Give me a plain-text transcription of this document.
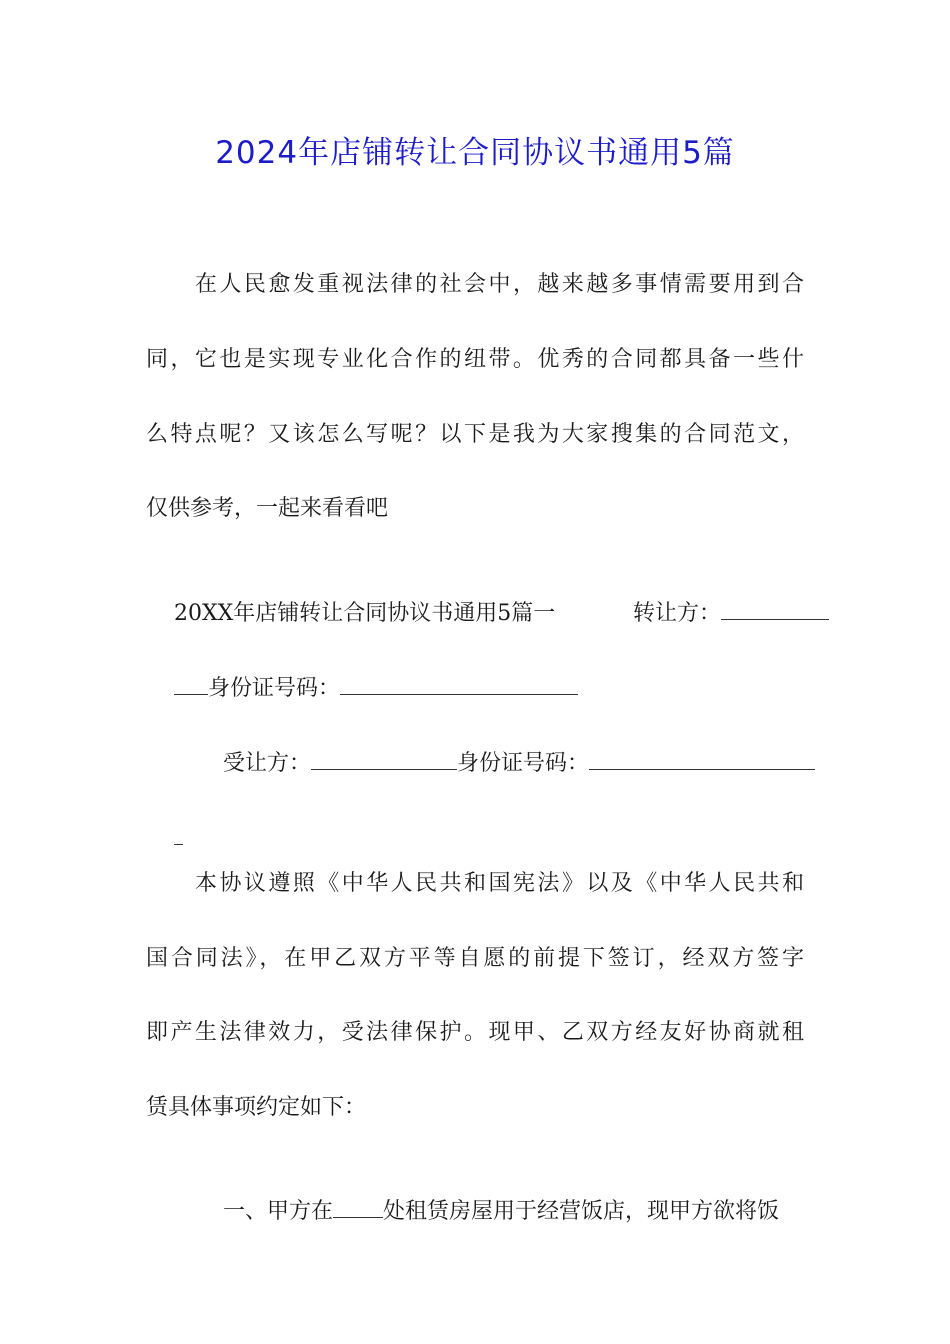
2024年店铺转让合同协议书通用5篇
在人民愈发重视法律的社会中，越来越多事情需要用到合
同，它也是实现专业化合作的纽带。优秀的合同都具备一些什
么特点呢？又该怎么写呢？以下是我为大家搜集的合同范文，
仅供参考，一起来看看吧

20XX年店铺转让合同协议书通用5篇一
	转让方：

身份证号码：

受让方：	身份证号码：

本协议遵照《中华人民共和国宪法》以及《中华人民共和
国合同法》，在甲乙双方平等自愿的前提下签订，经双方签字
即产生法律效力，受法律保护。现甲、乙双方经友好协商就租
赁具体事项约定如下：

一、甲方在 处租赁房屋用于经营饭店，现甲方欲将饭
